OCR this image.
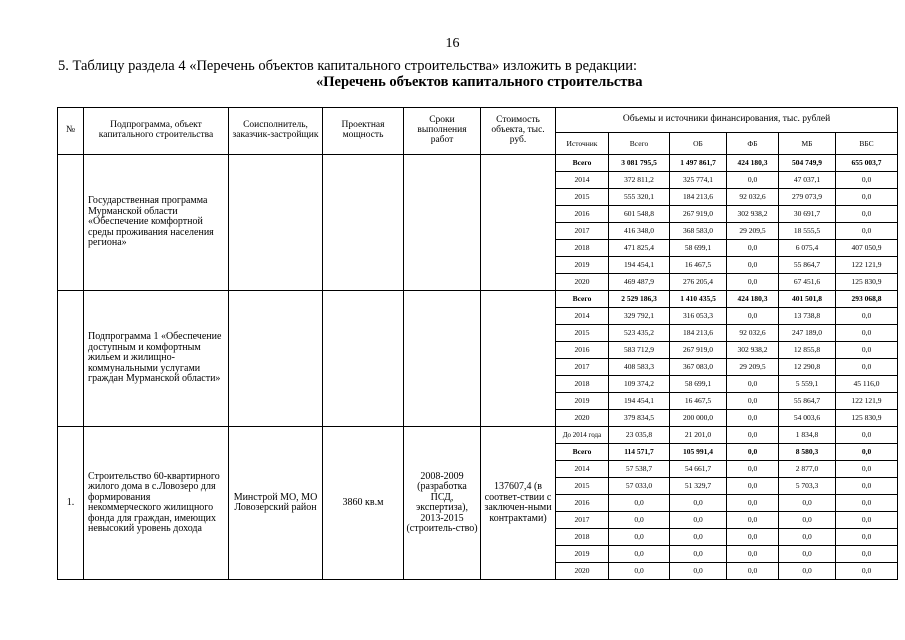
16
5. Таблицу раздела 4 «Перечень объектов капитального строительства» изложить в редакции:
«Перечень объектов капитального строительства
№	Подпрограмма, объект капитального строительства	Соисполнитель, заказчик-застройщик	Проектная мощность	Сроки выполнения работ	Стоимость объекта, тыс. руб.	Объемы и источники финансирования, тыс. рублей					
						Источник	Всего	ОБ	ФБ	МБ	ВБС
	Государственная программа Мурманской области «Обеспечение комфортной среды проживания населения региона»					Всего	3 081 795,5	1 497 861,7	424 180,3	504 749,9	655 003,7
						2014	372 811,2	325 774,1	0,0	47 037,1	0,0
						2015	555 320,1	184 213,6	92 032,6	279 073,9	0,0
						2016	601 548,8	267 919,0	302 938,2	30 691,7	0,0
						2017	416 348,0	368 583,0	29 209,5	18 555,5	0,0
						2018	471 825,4	58 699,1	0,0	6 075,4	407 050,9
						2019	194 454,1	16 467,5	0,0	55 864,7	122 121,9
						2020	469 487,9	276 205,4	0,0	67 451,6	125 830,9
	Подпрограмма 1 «Обеспечение доступным и комфортным жильем и жилищно-коммунальными услугами граждан Мурманской области»					Всего	2 529 186,3	1 410 435,5	424 180,3	401 501,8	293 068,8
						2014	329 792,1	316 053,3	0,0	13 738,8	0,0
						2015	523 435,2	184 213,6	92 032,6	247 189,0	0,0
						2016	583 712,9	267 919,0	302 938,2	12 855,8	0,0
						2017	408 583,3	367 083,0	29 209,5	12 290,8	0,0
						2018	109 374,2	58 699,1	0,0	5 559,1	45 116,0
						2019	194 454,1	16 467,5	0,0	55 864,7	122 121,9
						2020	379 834,5	200 000,0	0,0	54 003,6	125 830,9
1.	Строительство 60-квартирного жилого дома в с.Ловозеро для формирования некоммерческого жилищного фонда для граждан, имеющих невысокий уровень дохода	Минстрой МО, МО Ловозерский район	3860 кв.м	2008-2009 (разработка ПСД, экспертиза), 2013-2015 (строитель-ство)	137607,4 (в соответ-ствии с заключен-ными контрактами)	До 2014 года	23 035,8	21 201,0	0,0	1 834,8	0,0
						Всего	114 571,7	105 991,4	0,0	8 580,3	0,0
						2014	57 538,7	54 661,7	0,0	2 877,0	0,0
						2015	57 033,0	51 329,7	0,0	5 703,3	0,0
						2016	0,0	0,0	0,0	0,0	0,0
						2017	0,0	0,0	0,0	0,0	0,0
						2018	0,0	0,0	0,0	0,0	0,0
						2019	0,0	0,0	0,0	0,0	0,0
						2020	0,0	0,0	0,0	0,0	0,0
